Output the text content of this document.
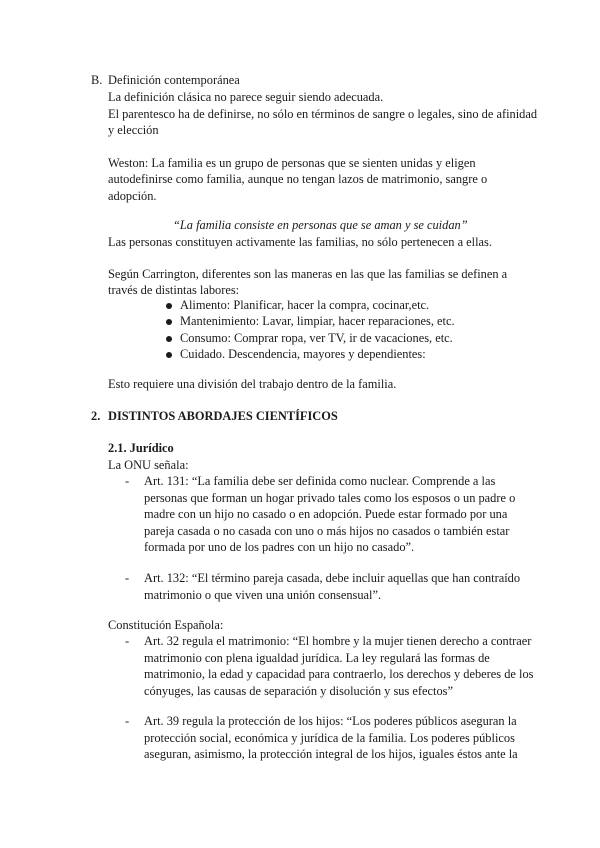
B. Definición contemporánea
La definición clásica no parece seguir siendo adecuada.
El parentesco ha de definirse, no sólo en términos de sangre o legales, sino de afinidad
y elección
Weston: La familia es un grupo de personas que se sienten unidas y eligen
autodefinirse como familia, aunque no tengan lazos de matrimonio, sangre o
adopción.
“La familia consiste en personas que se aman y se cuidan”
Las personas constituyen activamente las familias, no sólo pertenecen a ellas.
Según Carrington, diferentes son las maneras en las que las familias se definen a
través de distintas labores:
Alimento: Planificar, hacer la compra, cocinar,etc.
Mantenimiento: Lavar, limpiar, hacer reparaciones, etc.
Consumo: Comprar ropa, ver TV, ir de vacaciones, etc.
Cuidado. Descendencia, mayores y dependientes:
Esto requiere una división del trabajo dentro de la familia.
2. DISTINTOS ABORDAJES CIENTÍFICOS
2.1. Jurídico
La ONU señala:
- Art. 131: “La familia debe ser definida como nuclear. Comprende a las
personas que forman un hogar privado tales como los esposos o un padre o
madre con un hijo no casado o en adopción. Puede estar formado por una
pareja casada o no casada con uno o más hijos no casados o también estar
formada por uno de los padres con un hijo no casado”.
- Art. 132: “El término pareja casada, debe incluir aquellas que han contraído
matrimonio o que viven una unión consensual”.
Constitución Española:
- Art. 32 regula el matrimonio: “El hombre y la mujer tienen derecho a contraer
matrimonio con plena igualdad jurídica. La ley regulará las formas de
matrimonio, la edad y capacidad para contraerlo, los derechos y deberes de los
cónyuges, las causas de separación y disolución y sus efectos”
- Art. 39 regula la protección de los hijos: “Los poderes públicos aseguran la
protección social, económica y jurídica de la familia. Los poderes públicos
aseguran, asimismo, la protección integral de los hijos, iguales éstos ante la
